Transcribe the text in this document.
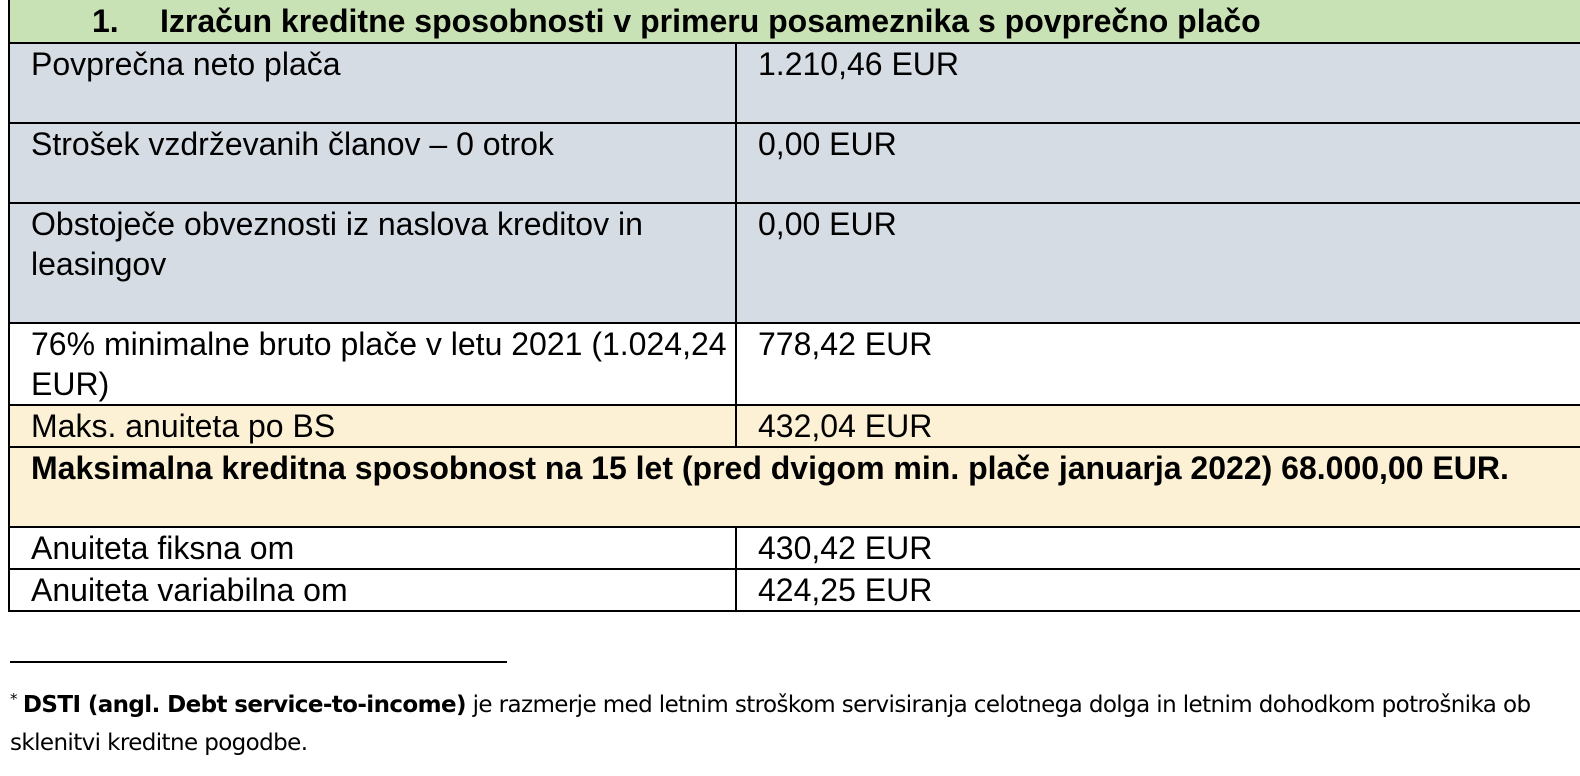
1. Izračun kreditne sposobnosti v primeru posameznika s povprečno plačo	
Povprečna neto plača	1.210,46 EUR
Strošek vzdrževanih članov – 0 otrok	0,00 EUR
Obstoječe obveznosti iz naslova kreditov in leasingov	0,00 EUR
76% minimalne bruto plače v letu 2021 (1.024,24 EUR)	778,42 EUR
Maks. anuiteta po BS	432,04 EUR
Maksimalna kreditna sposobnost na 15 let (pred dvigom min. plače januarja 2022) 68.000,00 EUR.	
Anuiteta fiksna om	430,42 EUR
Anuiteta variabilna om	424,25 EUR
* DSTI (angl. Debt service-to-income) je razmerje med letnim stroškom servisiranja celotnega dolga in letnim dohodkom potrošnika ob sklenitvi kreditne pogodbe.
